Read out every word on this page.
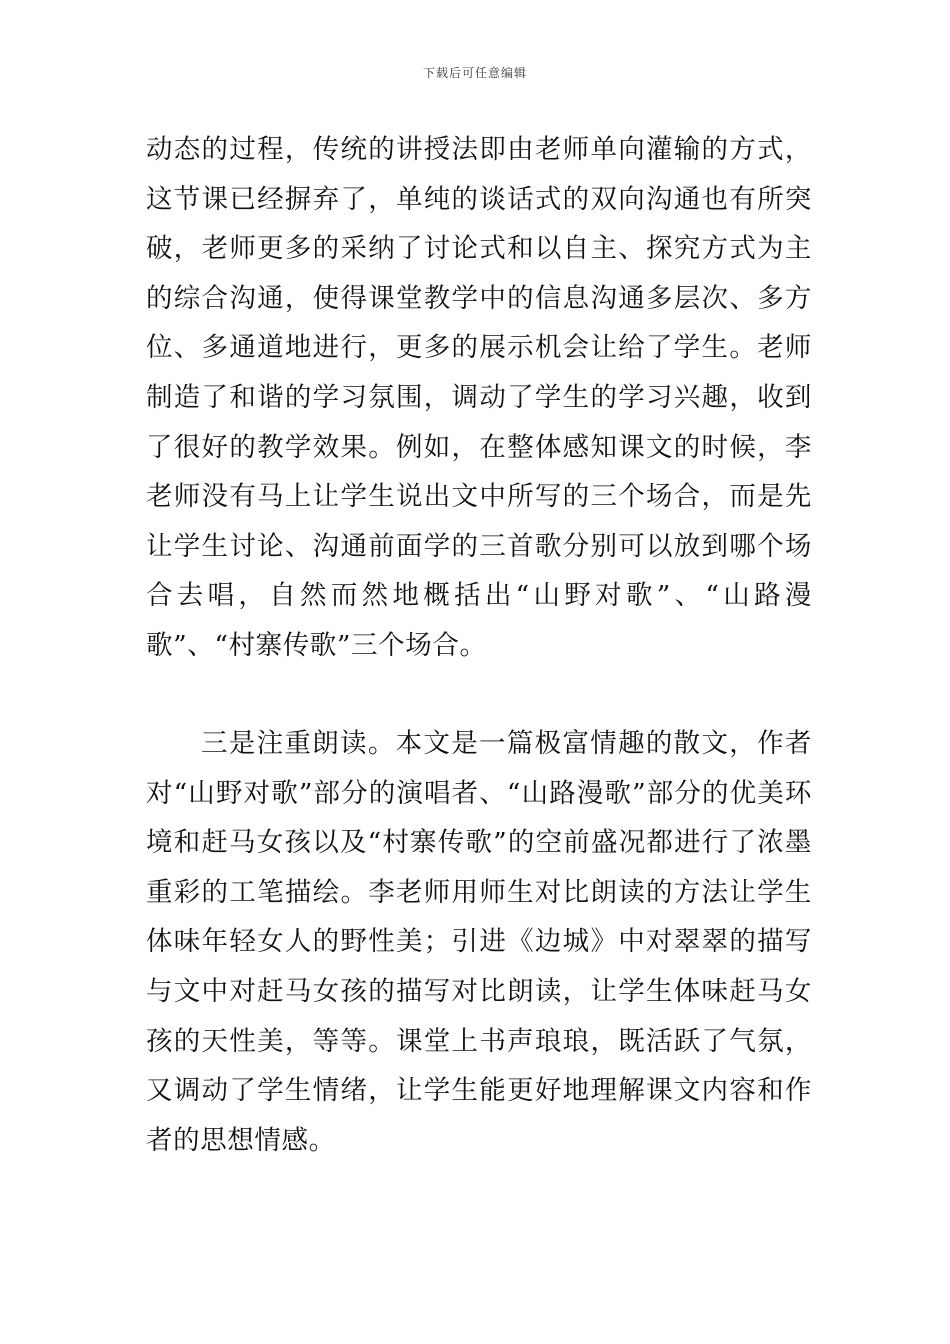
下载后可任意编辑

动态的过程，传统的讲授法即由老师单向灌输的方式，这节课已经摒弃了，单纯的谈话式的双向沟通也有所突破，老师更多的采纳了讨论式和以自主、探究方式为主的综合沟通，使得课堂教学中的信息沟通多层次、多方位、多通道地进行，更多的展示机会让给了学生。老师制造了和谐的学习氛围，调动了学生的学习兴趣，收到了很好的教学效果。例如，在整体感知课文的时候，李老师没有马上让学生说出文中所写的三个场合，而是先让学生讨论、沟通前面学的三首歌分别可以放到哪个场合去唱，自然而然地概括出“山野对歌”、“山路漫歌”、“村寨传歌”三个场合。

三是注重朗读。本文是一篇极富情趣的散文，作者对“山野对歌”部分的演唱者、“山路漫歌”部分的优美环境和赶马女孩以及“村寨传歌”的空前盛况都进行了浓墨重彩的工笔描绘。李老师用师生对比朗读的方法让学生体味年轻女人的野性美；引进《边城》中对翠翠的描写与文中对赶马女孩的描写对比朗读，让学生体味赶马女孩的天性美，等等。课堂上书声琅琅，既活跃了气氛，又调动了学生情绪，让学生能更好地理解课文内容和作者的思想情感。
